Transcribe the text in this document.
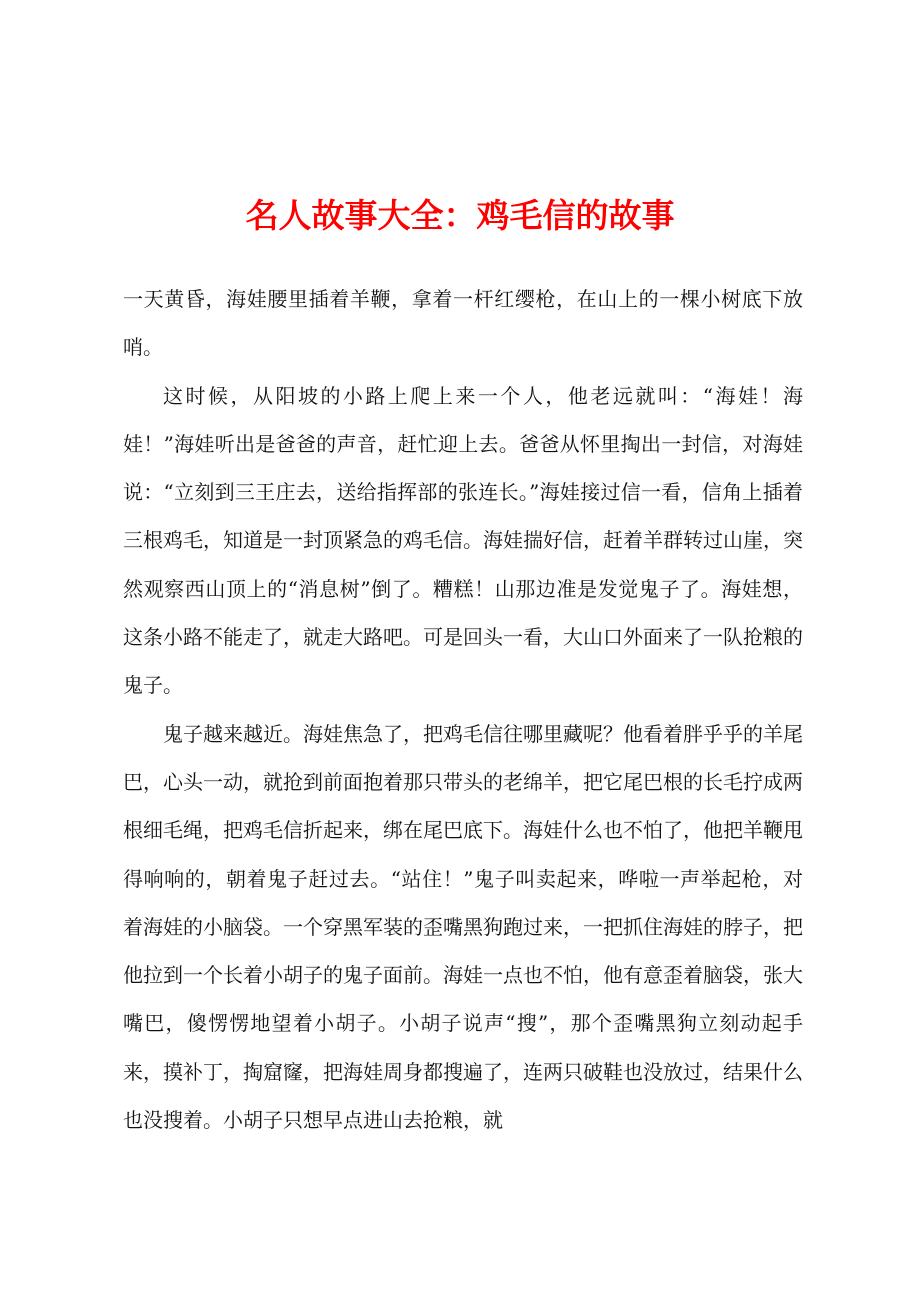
名人故事大全：鸡毛信的故事

一天黄昏，海娃腰里插着羊鞭，拿着一杆红缨枪，在山上的一棵小树底下放哨。

这时候，从阳坡的小路上爬上来一个人，他老远就叫：“海娃！海娃！”海娃听出是爸爸的声音，赶忙迎上去。爸爸从怀里掏出一封信，对海娃说：“立刻到三王庄去，送给指挥部的张连长。”海娃接过信一看，信角上插着三根鸡毛，知道是一封顶紧急的鸡毛信。海娃揣好信，赶着羊群转过山崖，突然观察西山顶上的“消息树”倒了。糟糕！山那边准是发觉鬼子了。海娃想，这条小路不能走了，就走大路吧。可是回头一看，大山口外面来了一队抢粮的鬼子。

鬼子越来越近。海娃焦急了，把鸡毛信往哪里藏呢？他看着胖乎乎的羊尾巴，心头一动，就抢到前面抱着那只带头的老绵羊，把它尾巴根的长毛拧成两根细毛绳，把鸡毛信折起来，绑在尾巴底下。海娃什么也不怕了，他把羊鞭甩得响响的，朝着鬼子赶过去。“站住！”鬼子叫卖起来，哗啦一声举起枪，对着海娃的小脑袋。一个穿黑军装的歪嘴黑狗跑过来，一把抓住海娃的脖子，把他拉到一个长着小胡子的鬼子面前。海娃一点也不怕，他有意歪着脑袋，张大嘴巴，傻愣愣地望着小胡子。小胡子说声“搜”，那个歪嘴黑狗立刻动起手来，摸补丁，掏窟窿，把海娃周身都搜遍了，连两只破鞋也没放过，结果什么也没搜着。小胡子只想早点进山去抢粮，就
